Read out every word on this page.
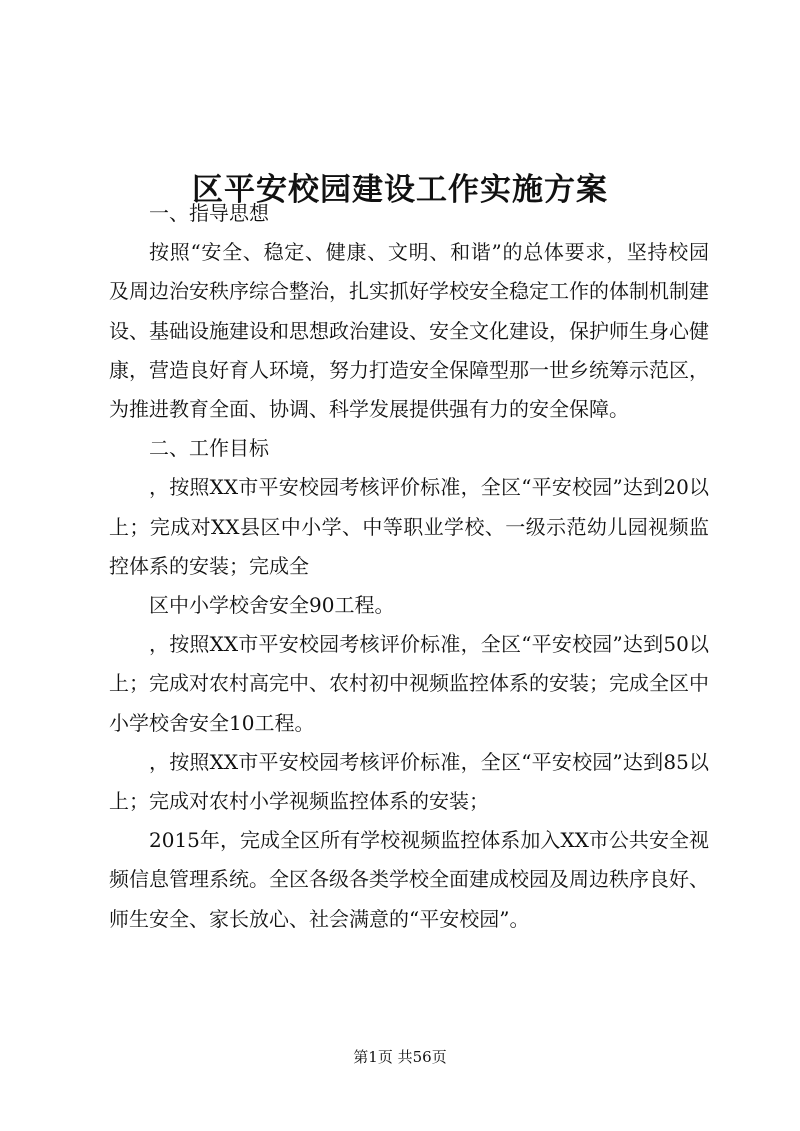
区平安校园建设工作实施方案

一、指导思想

按照“安全、稳定、健康、文明、和谐”的总体要求，坚持校园及周边治安秩序综合整治，扎实抓好学校安全稳定工作的体制机制建设、基础设施建设和思想政治建设、安全文化建设，保护师生身心健康，营造良好育人环境，努力打造安全保障型那一世乡统筹示范区，为推进教育全面、协调、科学发展提供强有力的安全保障。

二、工作目标

，按照XX市平安校园考核评价标准，全区“平安校园”达到20以上；完成对XX县区中小学、中等职业学校、一级示范幼儿园视频监控体系的安装；完成全

区中小学校舍安全90工程。

，按照XX市平安校园考核评价标准，全区“平安校园”达到50以上；完成对农村高完中、农村初中视频监控体系的安装；完成全区中小学校舍安全10工程。

，按照XX市平安校园考核评价标准，全区“平安校园”达到85以上；完成对农村小学视频监控体系的安装；

2015年，完成全区所有学校视频监控体系加入XX市公共安全视频信息管理系统。全区各级各类学校全面建成校园及周边秩序良好、师生安全、家长放心、社会满意的“平安校园”。

第1页 共56页
